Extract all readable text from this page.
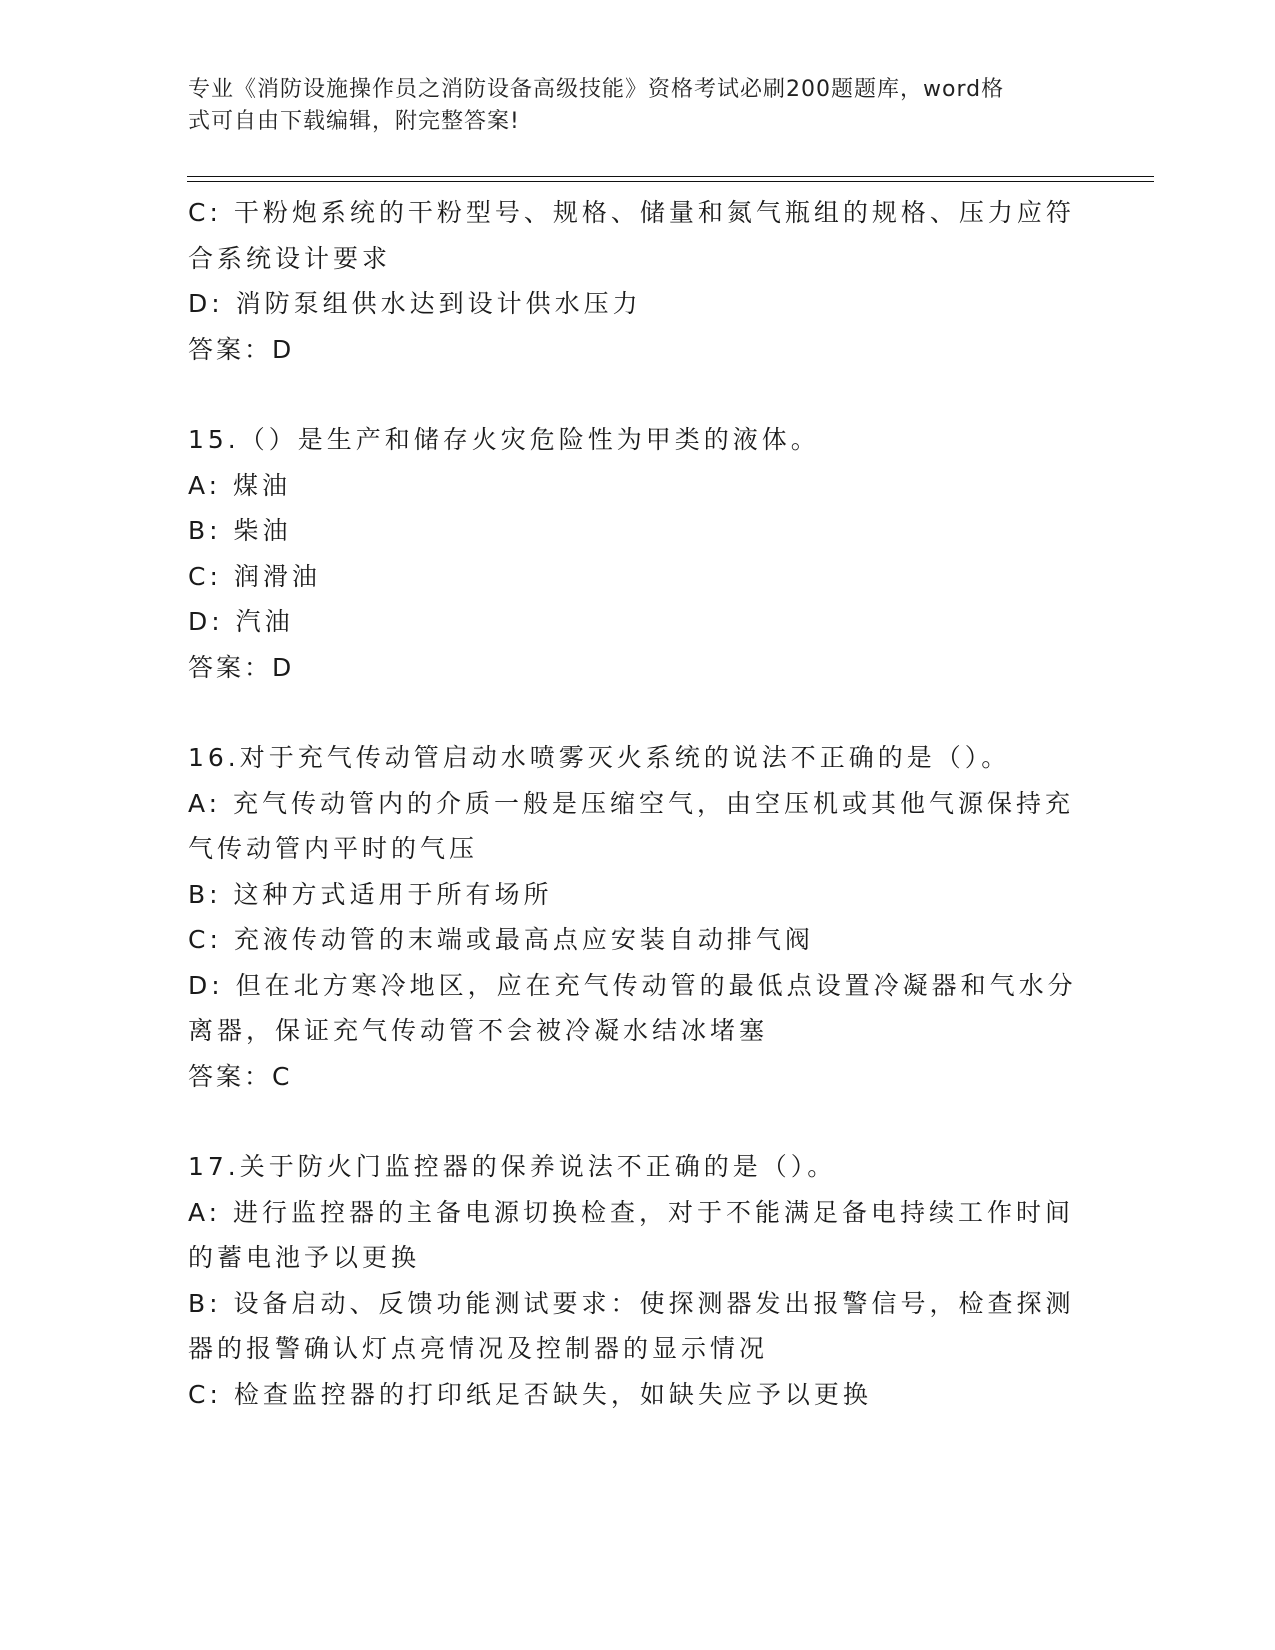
专业《消防设施操作员之消防设备高级技能》资格考试必刷200题题库，word格
式可自由下载编辑，附完整答案!
C: 干粉炮系统的干粉型号、规格、储量和氮气瓶组的规格、压力应符
合系统设计要求
D: 消防泵组供水达到设计供水压力
答案：D
15.（）是生产和储存火灾危险性为甲类的液体。
A: 煤油
B: 柴油
C: 润滑油
D: 汽油
答案：D
16.对于充气传动管启动水喷雾灭火系统的说法不正确的是（）。
A: 充气传动管内的介质一般是压缩空气，由空压机或其他气源保持充
气传动管内平时的气压
B: 这种方式适用于所有场所
C: 充液传动管的末端或最高点应安装自动排气阀
D: 但在北方寒冷地区，应在充气传动管的最低点设置冷凝器和气水分
离器，保证充气传动管不会被冷凝水结冰堵塞
答案：C
17.关于防火门监控器的保养说法不正确的是（）。
A: 进行监控器的主备电源切换检查，对于不能满足备电持续工作时间
的蓄电池予以更换
B: 设备启动、反馈功能测试要求：使探测器发出报警信号，检查探测
器的报警确认灯点亮情况及控制器的显示情况
C: 检查监控器的打印纸足否缺失，如缺失应予以更换
